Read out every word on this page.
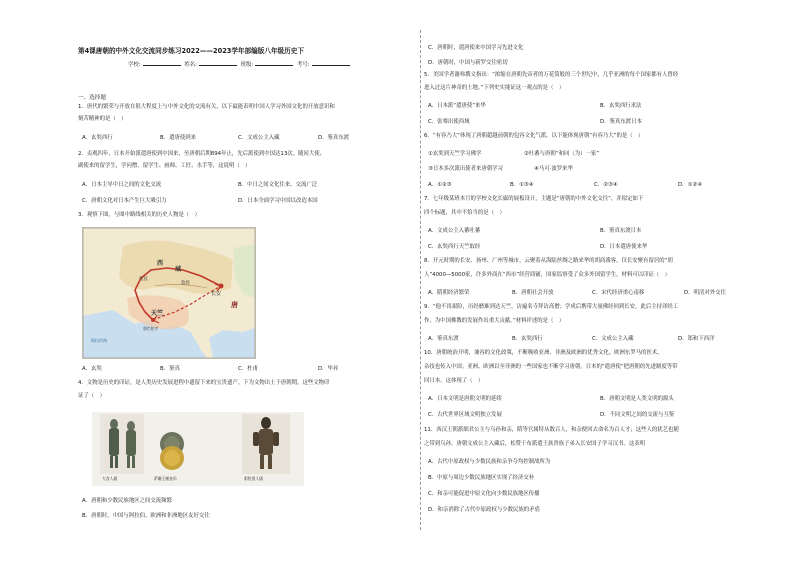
第4课唐朝的中外文化交流同步练习2022——2023学年部编版八年级历史下
学校:	姓名:	班级:	考号:
一、选择题
1．唐代的繁荣与开放在很大程度上与中外文化的交流有关，以下最能表明中国人学习外国文化的开放意识和
刻苦精神的是（　）
A．玄奘西行	B．遣唐使到来	C．文成公主入藏	D．鉴真东渡
2．贞观四年，日本开始派遣唐使到中国来，至唐朝后期894年止，先后派使到中国达13次。随同大使、
副使来的留学生，学问僧、留学生、画师、工匠、水手等，这说明（　）
A．日本主导中日之间的文化交流	B．中日之间文化往来、交流广泛
C．唐朝文化对日本产生巨大吸引力	D．日本全面学习中国以改造本国
3．观察下图，与图中路线相关的历史人物是（　）
西
域
龟兹
敦煌
长安
唐
天竺
那烂陀寺
阿拉伯海
A．玄奘	B．鉴真	C．杜甫	D．毕昇
4．文物是历史的印证，是人类历史发展进程中遗留下来的宝贵遗产。下为文物出土于唐朝期，这些文物印
证了（　）
大食人俑	萨珊王朝金币	彩绘黑人俑
A．唐朝和少数民族地区之间交流频繁
B．唐朝时，中国与阿拉伯、欧洲和非洲地区友好交往
C．唐朝时，遣唐使来中国学习先进文化
D．唐朝时，中国与新罗交往密切
5．美国学者谢弗撰文指出：“浓缩在唐朝先帝者的万花筒般的三个世纪中，几乎亚洲的每个国家都有人曾经
进入过这片神奇的土地。”下列史实能证这一观点的是（　）
A．日本派“遣唐使”来华	B．玄奘西行求法
C．张骞出使西域	D．鉴真东渡日本
6．“有容乃大”体现了唐朝超越前朝的包容文化气派。以下能体现唐朝“有容乃大”的是（　）
①玄奘到天竺学习佛学	②吐蕃与唐朝“和同（为）一家”
③日本多次派出使者来唐朝学习	④马可·波罗来华
A．①②③	B．①③④	C．②③④	D．①②④
7．七年级某班本月的学校文化长廊的展板设计，主题是“唐朝的中外文化交往”，并拟定如下
四个标题，其中不恰当的是（　）
A．文成公主入蕃吐蕃	B．鉴真东渡日本
C．玄奘西行天竺取经	D．日本遣唐使来华
8．开元时期的长安、扬州、广州等城市，云聚着从海陆丝绸之路来华的胡商番客，仅长安聚有留居的“胡
人”4000—5000家，许多外商在“西市”经营商铺，国家监察受了众多外国留学生，材料可以印证（　）
A．隋朝经济繁荣	B．唐朝社会开放	C．宋代经济重心南移	D．明清对外交往
9．“他不畏艰险，历经磨难到达天竺，访遍名寺拜访高僧；学成后携带大量佛经回到长安，此后主持译经工
作，为中国佛教的发展作出重大贡献。”材料评述的是（　）
A．鉴真东渡	B．玄奘西行	C．文成公主入藏	D．郑和下西洋
10．唐朝统治开明，兼容的文化政策，不断吸收亚洲、非洲及欧洲的优秀文化。欧洲东罗马的医术，
杂技也传入中国；亚洲、欧洲以至非洲的一些国家也不断学习唐朝。日本的“遣唐使”把唐朝的先进制度等带
回日本。这体现了（　）
A．日本文明是唐朝文明的延续	B．唐朝文明是人类文明的源头
C．古代世界区域文明独立发展	D．不同文明之间的交流与互鉴
11．西汉王朝派细君公主与乌孙和亲，隋等官属特从数百人，和亲便回去命名为百人才；这些人的犹艺也随
之带到乌孙。唐朝文成公主入藏后，松赞干布派遣王族贵族子弟入长安国子学习汉书。这表明
A．古代中原政权与少数民族和亲争夺均控制战所为
B．中原与周边少数民族地区实现了经济交补
C．和亲可能促进中原文化向少数民族地区传播
D．和亲消除了古代中原政权与少数民族的矛盾
